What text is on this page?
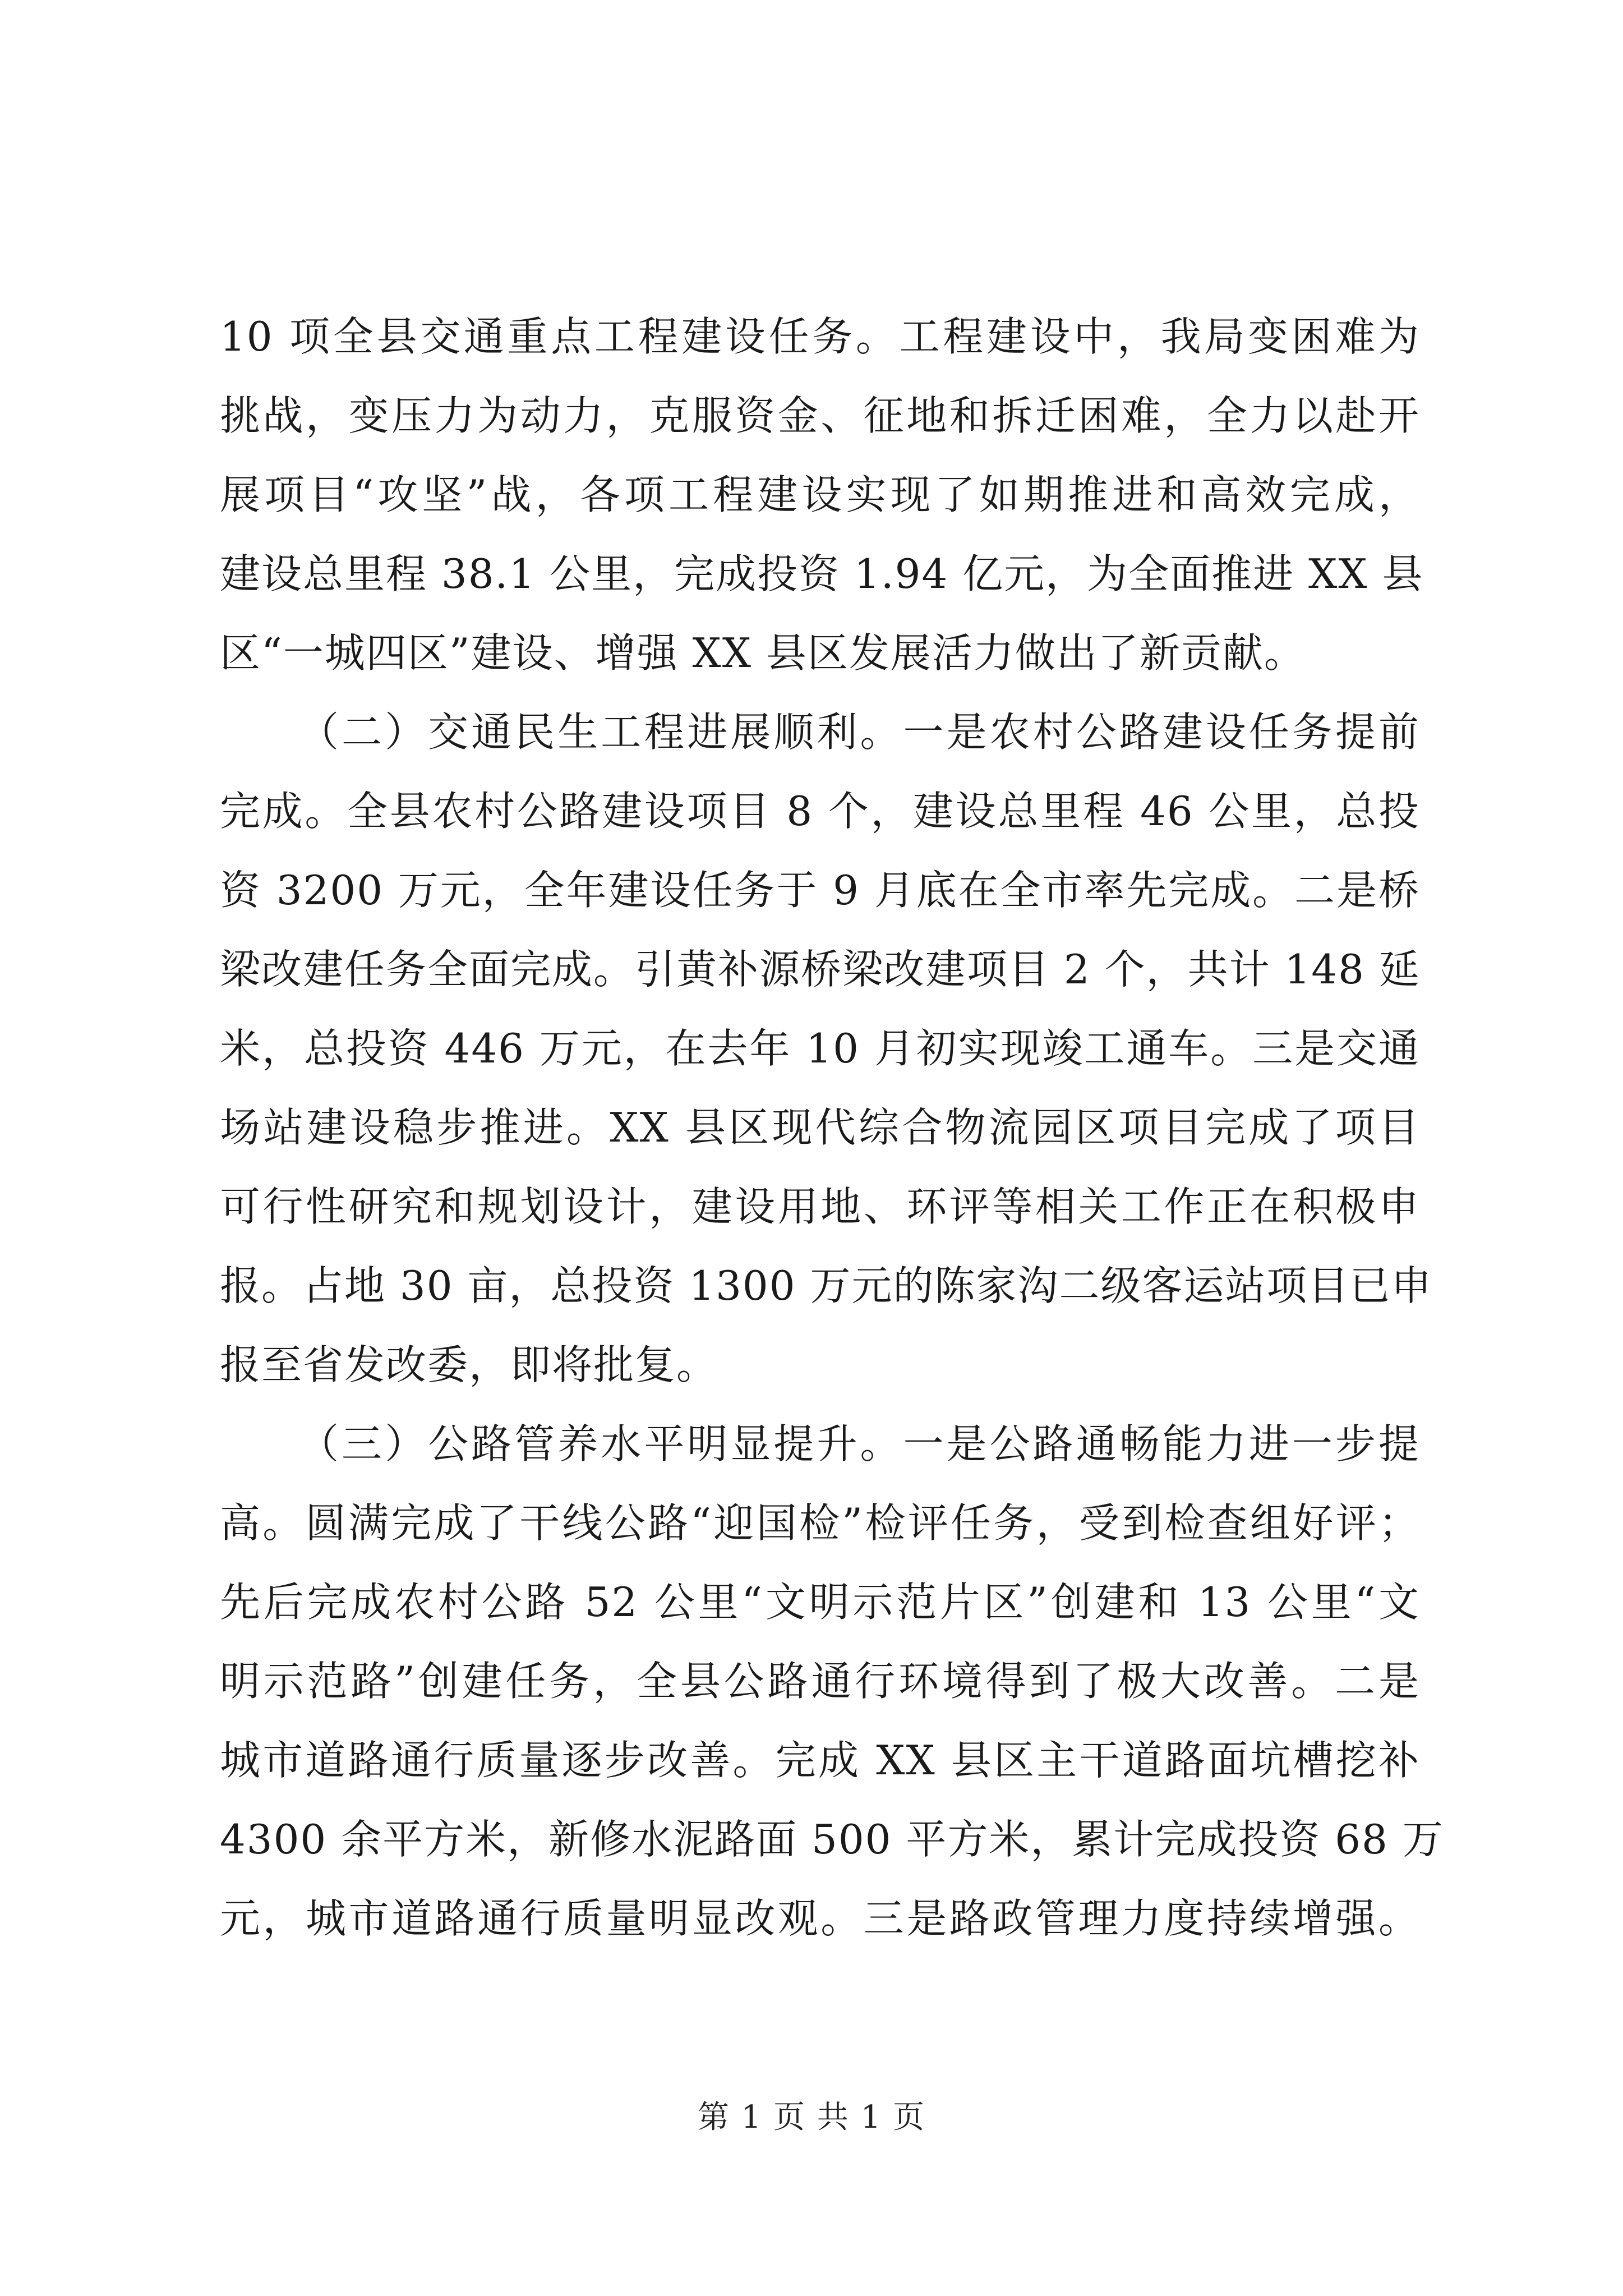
10 项全县交通重点工程建设任务。工程建设中，我局变困难为
挑战，变压力为动力，克服资金、征地和拆迁困难，全力以赴开
展项目“攻坚”战，各项工程建设实现了如期推进和高效完成，
建设总里程 38.1 公里，完成投资 1.94 亿元，为全面推进 XX 县
区“一城四区”建设、增强 XX 县区发展活力做出了新贡献。
（二）交通民生工程进展顺利。一是农村公路建设任务提前
完成。全县农村公路建设项目 8 个，建设总里程 46 公里，总投
资 3200 万元，全年建设任务于 9 月底在全市率先完成。二是桥
梁改建任务全面完成。引黄补源桥梁改建项目 2 个，共计 148 延
米，总投资 446 万元，在去年 10 月初实现竣工通车。三是交通
场站建设稳步推进。XX 县区现代综合物流园区项目完成了项目
可行性研究和规划设计，建设用地、环评等相关工作正在积极申
报。占地 30 亩，总投资 1300 万元的陈家沟二级客运站项目已申
报至省发改委，即将批复。
（三）公路管养水平明显提升。一是公路通畅能力进一步提
高。圆满完成了干线公路“迎国检”检评任务，受到检查组好评；
先后完成农村公路 52 公里“文明示范片区”创建和 13 公里“文
明示范路”创建任务，全县公路通行环境得到了极大改善。二是
城市道路通行质量逐步改善。完成 XX 县区主干道路面坑槽挖补
4300 余平方米，新修水泥路面 500 平方米，累计完成投资 68 万
元，城市道路通行质量明显改观。三是路政管理力度持续增强。
第 1 页 共 1 页
